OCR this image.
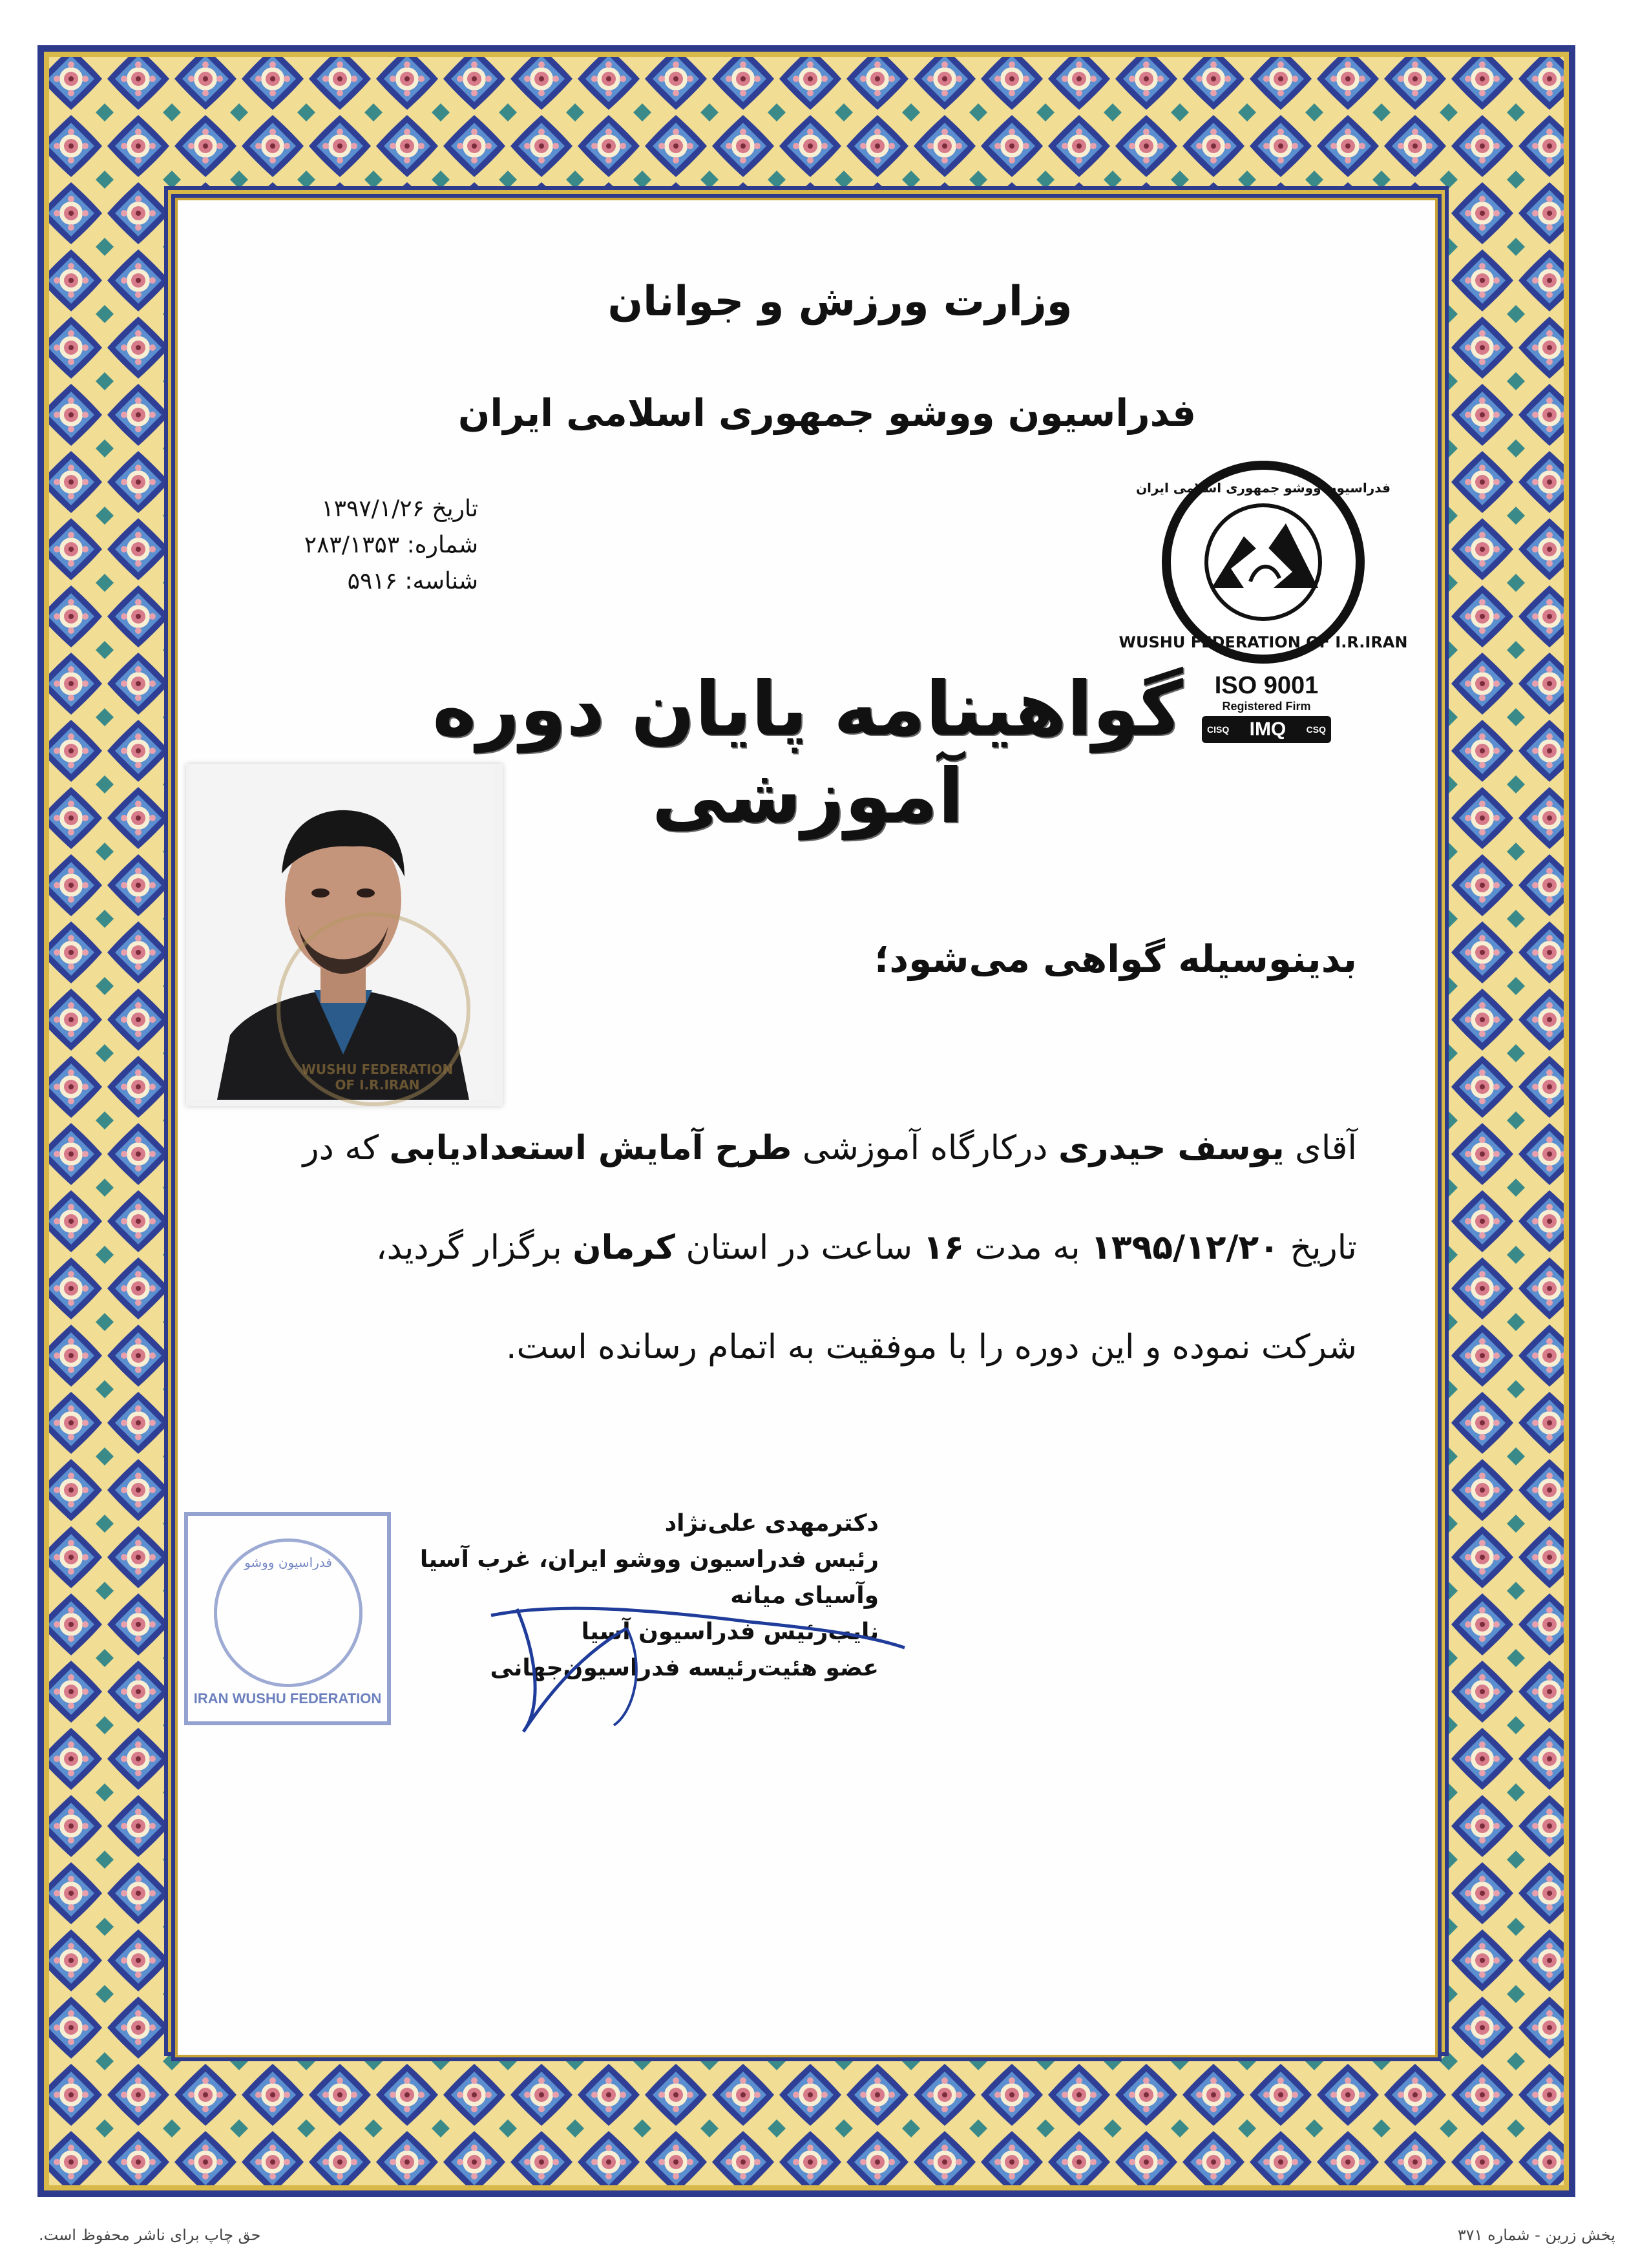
وزارت ورزش و جوانان
فدراسیون ووشو جمهوری اسلامی ایران
تاریخ ۱۳۹۷/۱/۲۶
شماره: ۲۸۳/۱۳۵۳
شناسه: ۵۹۱۶
WUSHU FEDERATION OF I.R.IRAN
فدراسیون ووشو جمهوری اسلامی ایران
ISO 9001
Registered Firm
CISQ IMQ CSQ
گواهینامه پایان دوره آموزشی
WUSHU FEDERATION OF I.R.IRAN
بدینوسیله گواهی می‌شود؛
آقای یوسف حیدری درکارگاه آموزشی طرح آمایش استعدادیابی که در
تاریخ ۱۳۹۵/۱۲/۲۰ به مدت ۱۶ ساعت در استان کرمان برگزار گردید،
شرکت نموده و این دوره را با موفقیت به اتمام رسانده است.
فدراسیون ووشو
IRAN WUSHU FEDERATION
دکترمهدی علی‌نژاد
رئیس فدراسیون ووشو ایران، غرب آسیا وآسیای میانه
نایب‌رئیس فدراسیون آسیا
عضو هئیت‌رئیسه فدراسیون‌جهانی
پخش زرین - شماره ۳۷۱
حق چاپ برای ناشر محفوظ است.
